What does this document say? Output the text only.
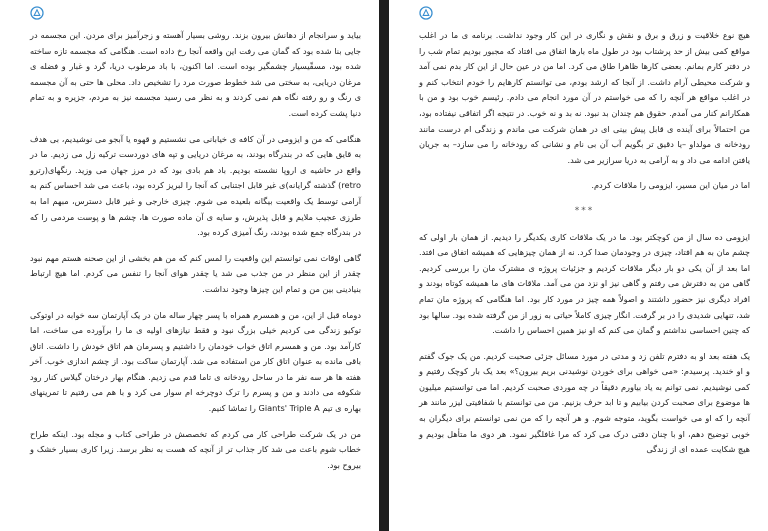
بیاید و سرانجام از دهانش بیرون بزند. روشی بسیار آهسته و زجرآمیز برای مردن. این مجسمه در جایی بنا شده بود که گمان می رفت این واقعه آنجا رخ داده است. هنگامی که مجسمه تازه ساخته شده بود، مسقّیسیار چشمگیر بوده است. اما اکنون، با باد مرطوب دریا، گرد و غبار و فضله ی مرغان دریایی، به سختی می شد خطوط صورت مرد را تشخیص داد. محلی ها حتی به آن مجسمه ی رنگ و رو رفته نگاه هم نمی کردند و به نظر می رسید مجسمه نیز به مردم، جزیره و به تمام دنیا پشت کرده است.

هنگامی که من و ایزومی در آن کافه ی خیابانی می نشستیم و قهوه یا آبجو می نوشیدیم، بی هدف به قایق هایی که در بندرگاه بودند، به مرغان دریایی و تپه های دوردست ترکیه زل می زدیم. ما در واقع در حاشیه ی اروپا نشسته بودیم. باد هم بادی بود که در مرز جهان می وزید. رنگهای(رترو retro) گذشته گرایانه)ی غیر قابل اجتنابی که آنجا را لبریز کرده بود، باعث می شد احساس کنم به آرامی توسط یک واقعیت بیگانه بلعیده می شوم. چیزی خارجی و غیر قابل دسترس، مبهم اما به طرزی عجیب ملایم و قابل پذیرش، و سایه ی آن ماده صورت ها، چشم ها و پوست مردمی را که در بندرگاه جمع شده بودند، رنگ آمیزی کرده بود.

گاهی اوقات نمی توانستم این واقعیت را لمس کنم که من هم بخشی از این صحنه هستم مهم نبود چقدر از این منظر در من جذب می شد یا چقدر هوای آنجا را تنفس می کردم. اما هیچ ارتباط بنیادینی بین من و تمام این چیزها وجود نداشت.

دوماه قبل از این، من و همسرم همراه با پسر چهار ساله مان در یک آپارتمان سه خوابه در اوتوکی توکیو زندگی می کردیم خیلی بزرگ نبود و فقط نیازهای اولیه ی ما را برآورده می ساخت، اما کارآمد بود. من و همسرم اتاق خواب خودمان را داشتیم و پسرمان هم اتاق خودش را داشت. اتاق باقی مانده به عنوان اتاق کار من استفاده می شد. آپارتمان ساکت بود. از چشم اندازی خوب. آخر هفته ها هر سه نفر ما در ساحل رودخانه ی تاما قدم می زدیم. هنگام بهار درختان گیلاس کنار رود شکوفه می دادند و من و پسرم را ترک دوچرخه ام سوار می کرد و با هم می رفتیم تا تمرینهای بهاره ی تیم Giants' Triple A را تماشا کنیم.

من در یک شرکت طراحی کار می کردم که تخصصش در طراحی کتاب و مجله بود. اینکه طراح خطاب شوم باعث می شد کار جذاب تر از آنچه که هست به نظر برسد. زیرا کاری بسیار خشک و بیروح بود.

هیچ نوع خلاقیت و زرق و برق و نقش و نگاری در این کار وجود نداشت. برنامه ی ما در اغلب مواقع کمی بیش از حد پرشتاب بود در طول ماه بارها اتفاق می افتاد که مجبور بودیم تمام شب را در دفتر کارم بمانم. بعضی کارها ظاهرا طاق می کرد. اما من در عین حال از این کار بدم نمی آمد و شرکت محیطی آرام داشت. از آنجا که ارشد بودم، می توانستم کارهایم را خودم انتخاب کنم و در اغلب مواقع هر آنچه را که می خواستم در آن مورد انجام می دادم. رئیسم خوب بود و من با همکارانم کنار می آمدم. حقوق هم چندان بد نبود. نه بد و نه خوب. در نتیجه اگر اتفاقی نیفتاده بود، من احتمالاً برای آینده ی قابل پیش بینی ای در همان شرکت می ماندم و زندگی ام درست مانند رودخانه ی مولداو –یا دقیق تر بگویم آب آن بی نام و نشانی که رودخانه را می سازد– به جریان یافتن ادامه می داد و به آرامی به دریا سرازیر می شد.

اما در میان این مسیر، ایزومی را ملاقات کردم.

***

ایزومی ده سال از من کوچکتر بود. ما در یک ملاقات کاری یکدیگر را دیدیم. از همان بار اولی که چشم مان به هم افتاد، چیزی در وجودمان صدا کرد. نه از همان چیزهایی که همیشه اتفاق می افتد. اما بعد از آن یکی دو بار دیگر ملاقات کردیم و جزئیات پروژه ی مشترک مان را بررسی کردیم. گاهی من به دفترش می رفتم و گاهی نیز او نزد من می آمد. ملاقات های ما همیشه کوتاه بودند و افراد دیگری نیز حضور داشتند و اصولاً همه چیز در مورد کار بود. اما هنگامی که پروژه مان تمام شد، تنهایی شدیدی را در بر گرفت. انگار چیزی کاملاً حیاتی به زور از من گرفته شده بود. سالها بود که چنین احساسی نداشتم و گمان می کنم که او نیز همین احساس را داشت.

یک هفته بعد او به دفترم تلفن زد و مدتی در مورد مسائل جزئی صحبت کردیم. من یک جوک گفتم و او خندید. پرسیدم: «می خواهی برای خوردن نوشیدنی بریم بیرون؟» بعد یک بار کوچک رفتیم و کمی نوشیدیم. نمی توانم به یاد بیاورم دقیقاً در چه موردی صحبت کردیم. اما می توانستیم میلیون ها موضوع برای صحبت کردن بیابیم و تا ابد حرف بزنیم. من می توانستم با شفافیتی لیزر مانند هر آنچه را که او می خواست بگوید، متوجه شوم. و هر آنچه را که من نمی توانستم برای دیگران به خوبی توضیح دهم، او با چنان دقتی درک می کرد که مرا غافلگیر نمود. هر دوی ما متأهل بودیم و هیچ شکایت عمده ای از زندگی
